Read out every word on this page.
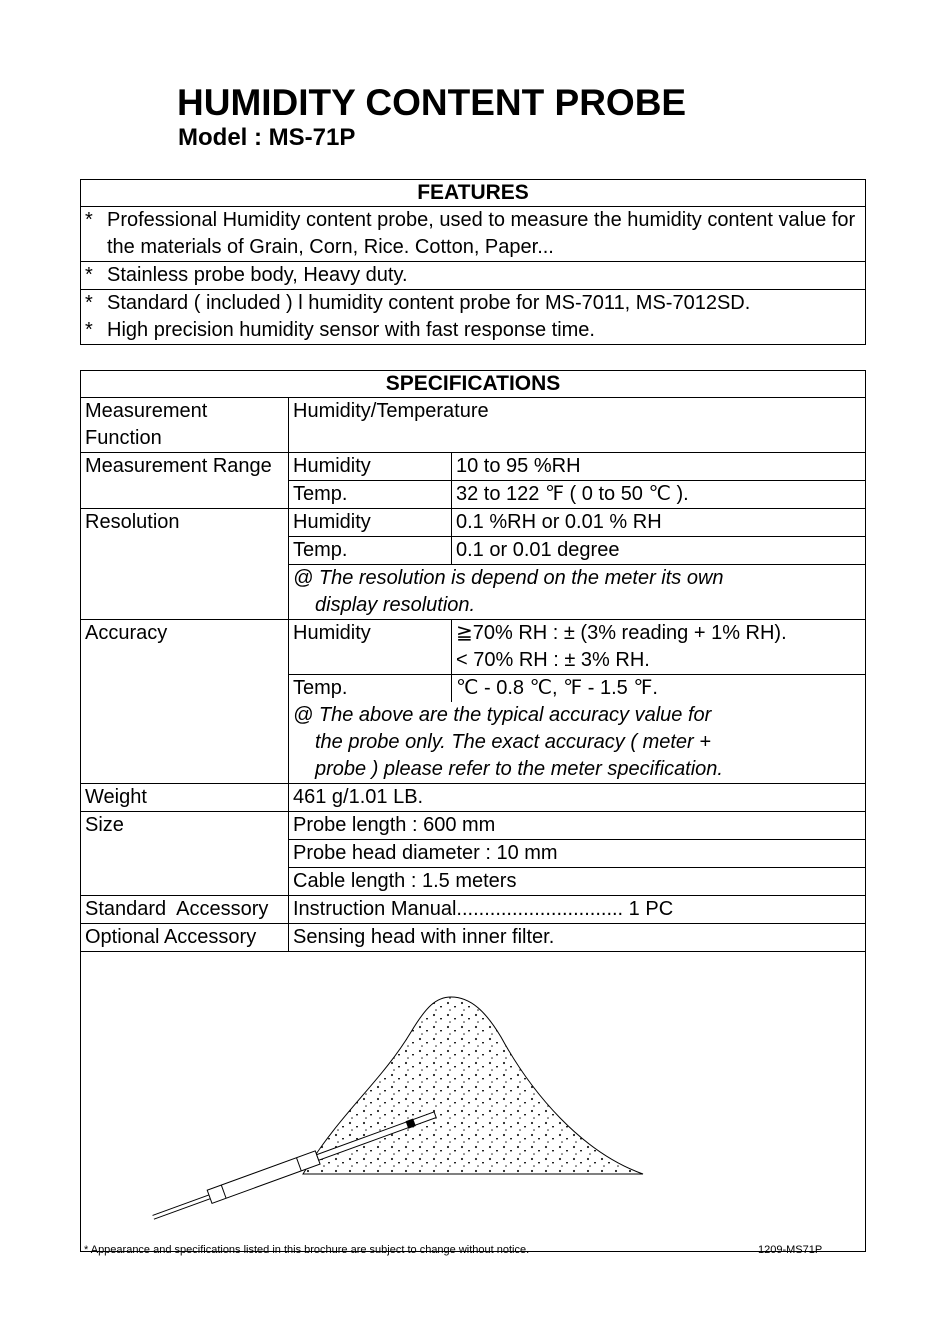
HUMIDITY CONTENT PROBE
Model : MS-71P
FEATURES

* Professional Humidity content probe, used to measure the humidity content value for the materials of Grain, Corn, Rice. Cotton, Paper...

* Stainless probe body, Heavy duty.

* Standard ( included ) l humidity content probe for MS-7011, MS-7012SD.

* High precision humidity sensor with fast response time.
SPECIFICATIONS		
Measurement Function	Humidity/Temperature	
Measurement Range	Humidity	10 to 95 %RH
	Temp.	32 to 122 ℉ ( 0 to 50 ℃ ).
Resolution	Humidity	0.1 %RH or 0.01 % RH
	Temp.	0.1 or 0.01 degree
	@ The resolution is depend on the meter its own
display resolution.	

Accuracy	Humidity	≧70% RH : ± (3% reading + 1% RH).
< 70% RH : ± 3% RH.

	Temp.	℃ - 0.8 ℃, ℉ - 1.5 ℉.
	@ The above are the typical accuracy value for
the probe only. The exact accuracy ( meter +
probe ) please refer to the meter specification.	

Weight	461 g/1.01 LB.	
Size	Probe length : 600 mm	
	Probe head diameter : 10 mm	
	Cable length : 1.5 meters	
Standard  Accessory	Instruction Manual.............................. 1 PC	
Optional Accessory	Sensing head with inner filter.	

* Appearance and specifications listed in this brochure are subject to change without notice.	1209-MS71P
